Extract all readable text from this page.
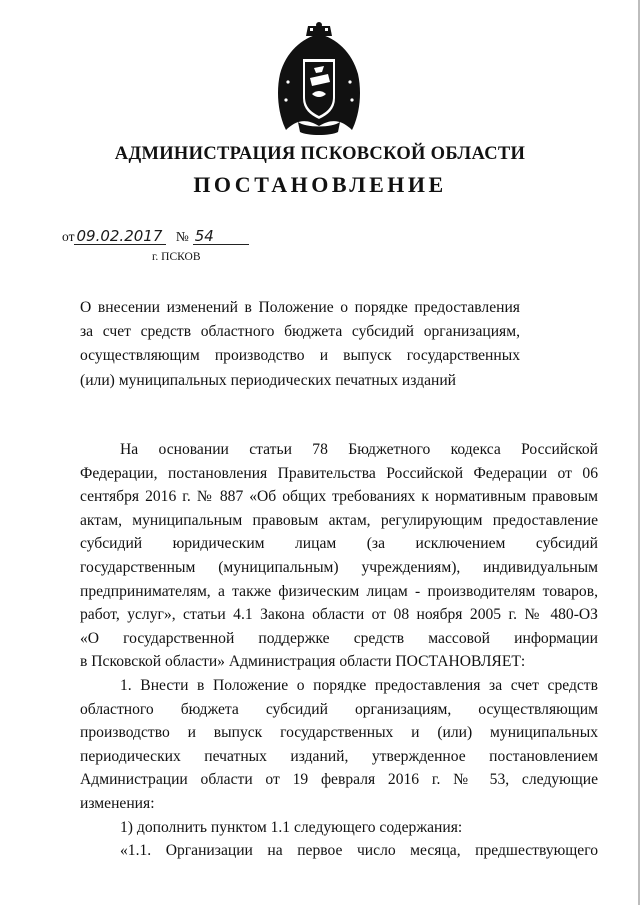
АДМИНИСТРАЦИЯ ПСКОВСКОЙ ОБЛАСТИ
ПОСТАНОВЛЕНИЕ
от 09.02.2017 № 54
г. ПСКОВ
О внесении изменений в Положение о порядке предоставления
за счет средств областного бюджета субсидий организациям,
осуществляющим производство и выпуск государственных
(или) муниципальных периодических печатных изданий
На основании статьи 78 Бюджетного кодекса Российской
Федерации, постановления Правительства Российской Федерации от 06
сентября 2016 г. № 887 «Об общих требованиях к нормативным правовым
актам, муниципальным правовым актам, регулирующим предоставление
субсидий юридическим лицам (за исключением субсидий
государственным (муниципальным) учреждениям), индивидуальным
предпринимателям, а также физическим лицам - производителям товаров,
работ, услуг», статьи 4.1 Закона области от 08 ноября 2005 г. № 480-ОЗ
«О государственной поддержке средств массовой информации
в Псковской области» Администрация области ПОСТАНОВЛЯЕТ:
1. Внести в Положение о порядке предоставления за счет средств
областного бюджета субсидий организациям, осуществляющим
производство и выпуск государственных и (или) муниципальных
периодических печатных изданий, утвержденное постановлением
Администрации области от 19 февраля 2016 г. № 53, следующие
изменения:
1) дополнить пунктом 1.1 следующего содержания:
«1.1. Организации на первое число месяца, предшествующего
